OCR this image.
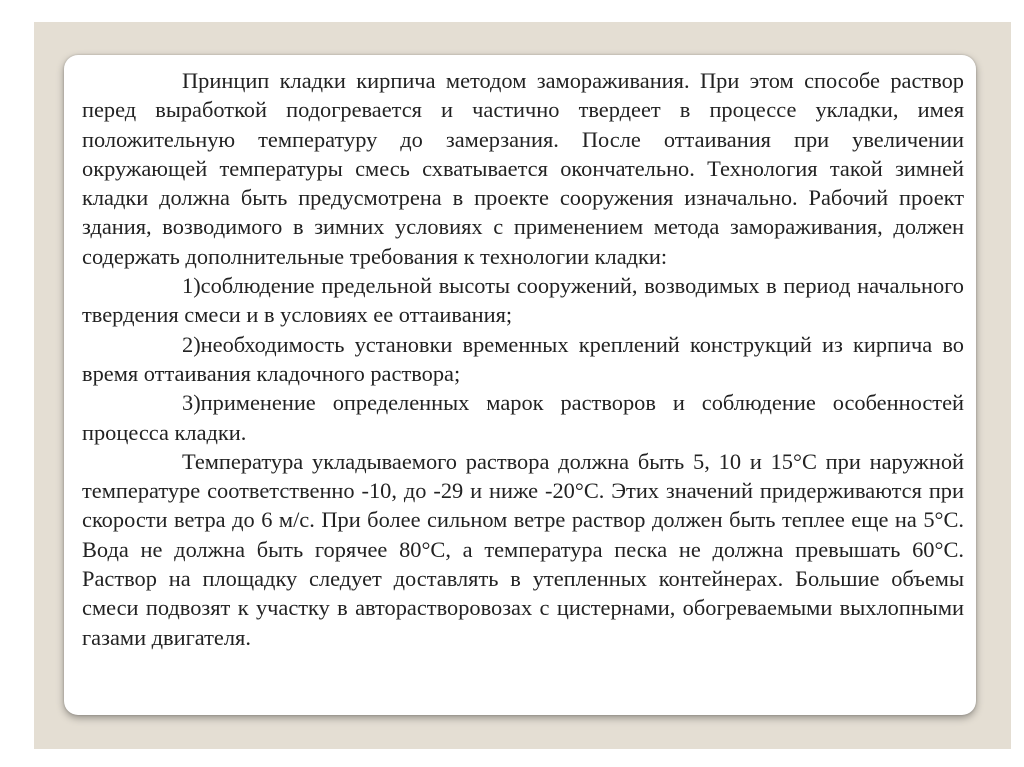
Принцип кладки кирпича методом замораживания. При этом способе раствор перед выработкой подогревается и частично твердеет в процессе укладки, имея положительную температуру до замерзания. После оттаивания при увеличении окружающей температуры смесь схватывается окончательно. Технология такой зимней кладки должна быть предусмотрена в проекте сооружения изначально. Рабочий проект здания, возводимого в зимних условиях с применением метода замораживания, должен содержать дополнительные требования к технологии кладки:

1)соблюдение предельной высоты сооружений, возводимых в период начального твердения смеси и в условиях ее оттаивания;

2)необходимость установки временных креплений конструкций из кирпича во время оттаивания кладочного раствора;

3)применение определенных марок растворов и соблюдение особенностей процесса кладки.

Температура укладываемого раствора должна быть 5, 10 и 15°С при наружной температуре соответственно -10, до -29 и ниже -20°С. Этих значений придерживаются при скорости ветра до 6 м/с. При более сильном ветре раствор должен быть теплее еще на 5°С. Вода не должна быть горячее 80°С, а температура песка не должна превышать 60°С. Раствор на площадку следует доставлять в утепленных контейнерах. Большие объемы смеси подвозят к участку в авторастворовозах с цистернами, обогреваемыми выхлопными газами двигателя.
